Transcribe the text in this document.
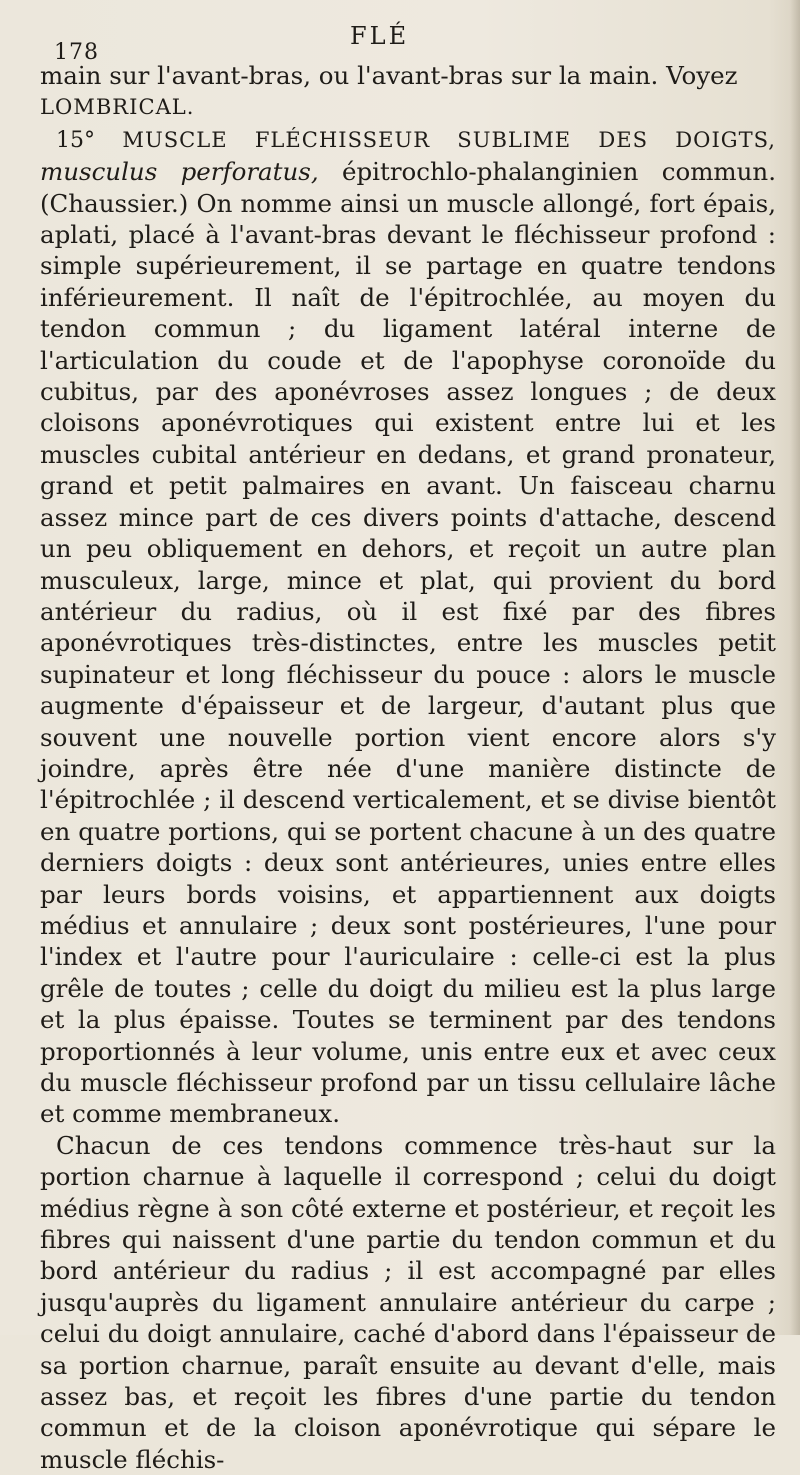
178
FLÉ

main sur l'avant-bras, ou l'avant-bras sur la main. Voyez
LOMBRICAL.

15° MUSCLE FLÉCHISSEUR SUBLIME DES DOIGTS, musculus perforatus, épitrochlo-phalanginien commun. (Chaussier.) On nomme ainsi un muscle allongé, fort épais, aplati, placé à l'avant-bras devant le fléchisseur profond : simple supérieurement, il se partage en quatre tendons inférieurement. Il naît de l'épitrochlée, au moyen du tendon commun ; du ligament latéral interne de l'articulation du coude et de l'apophyse coronoïde du cubitus, par des aponévroses assez longues ; de deux cloisons aponévrotiques qui existent entre lui et les muscles cubital antérieur en dedans, et grand pronateur, grand et petit palmaires en avant. Un faisceau charnu assez mince part de ces divers points d'attache, descend un peu obliquement en dehors, et reçoit un autre plan musculeux, large, mince et plat, qui provient du bord antérieur du radius, où il est fixé par des fibres aponévrotiques très-distinctes, entre les muscles petit supinateur et long fléchisseur du pouce : alors le muscle augmente d'épaisseur et de largeur, d'autant plus que souvent une nouvelle portion vient encore alors s'y joindre, après être née d'une manière distincte de l'épitrochlée ; il descend verticalement, et se divise bientôt en quatre portions, qui se portent chacune à un des quatre derniers doigts : deux sont antérieures, unies entre elles par leurs bords voisins, et appartiennent aux doigts médius et annulaire ; deux sont postérieures, l'une pour l'index et l'autre pour l'auriculaire : celle-ci est la plus grêle de toutes ; celle du doigt du milieu est la plus large et la plus épaisse. Toutes se terminent par des tendons proportionnés à leur volume, unis entre eux et avec ceux du muscle fléchisseur profond par un tissu cellulaire lâche et comme membraneux.

Chacun de ces tendons commence très-haut sur la portion charnue à laquelle il correspond ; celui du doigt médius règne à son côté externe et postérieur, et reçoit les fibres qui naissent d'une partie du tendon commun et du bord antérieur du radius ; il est accompagné par elles jusqu'auprès du ligament annulaire antérieur du carpe ; celui du doigt annulaire, caché d'abord dans l'épaisseur de sa portion charnue, paraît ensuite au devant d'elle, mais assez bas, et reçoit les fibres d'une partie du tendon commun et de la cloison aponévrotique qui sépare le muscle fléchis-
